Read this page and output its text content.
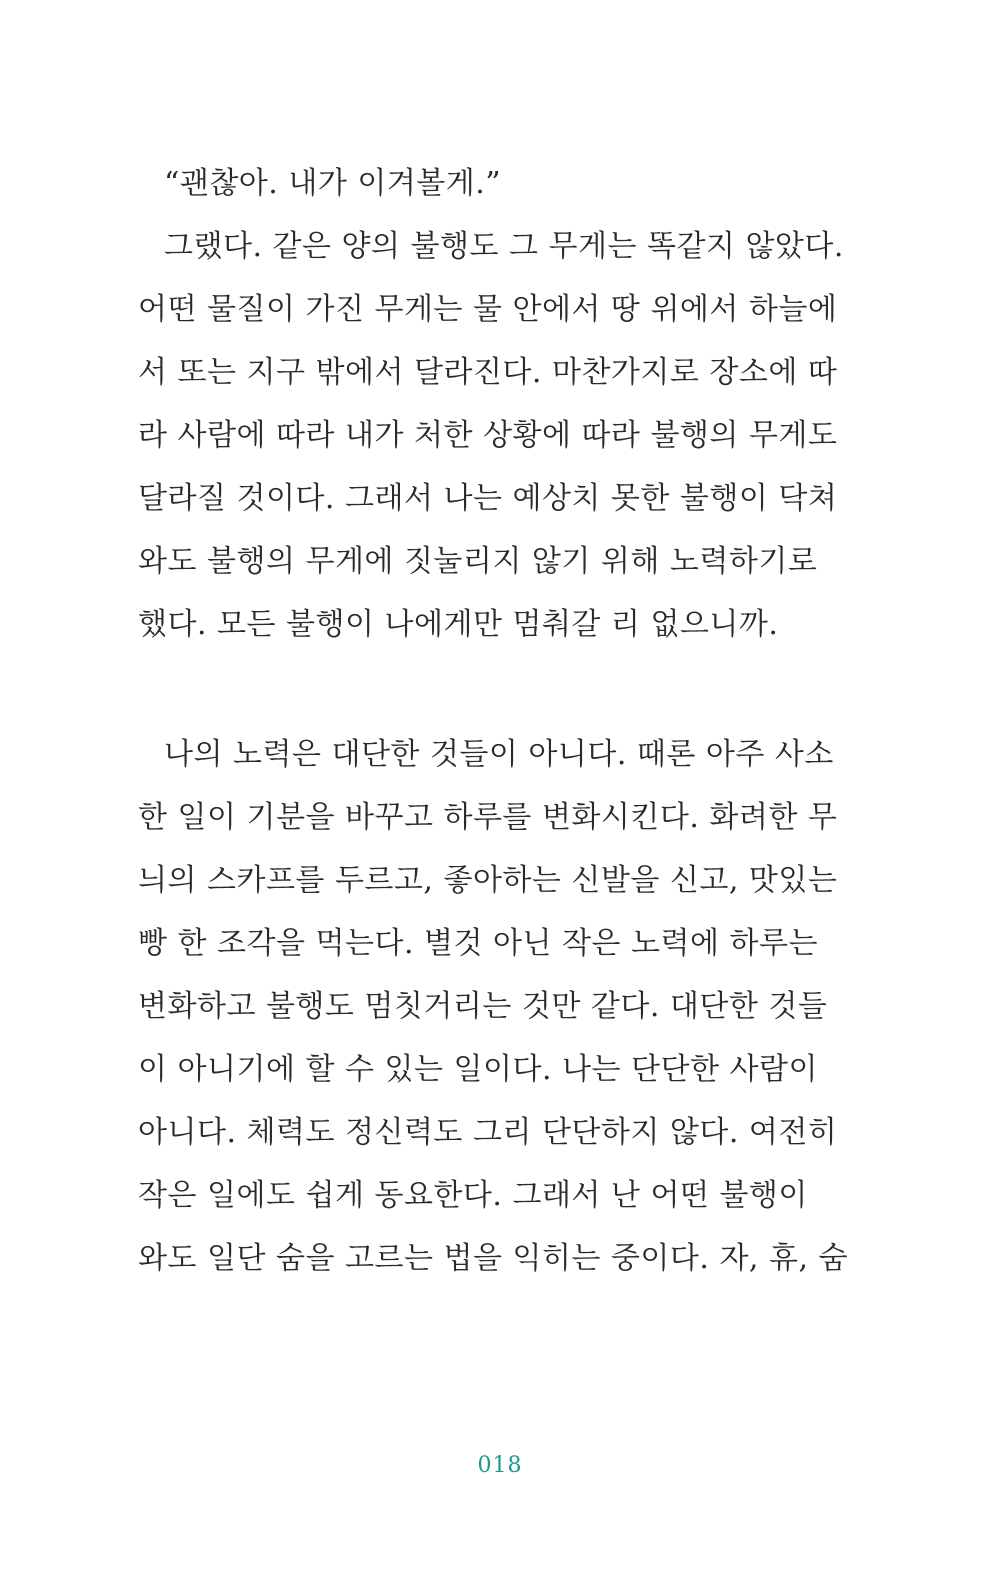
“괜찮아. 내가 이겨볼게.”
그랬다. 같은 양의 불행도 그 무게는 똑같지 않았다.
어떤 물질이 가진 무게는 물 안에서 땅 위에서 하늘에
서 또는 지구 밖에서 달라진다. 마찬가지로 장소에 따
라 사람에 따라 내가 처한 상황에 따라 불행의 무게도
달라질 것이다. 그래서 나는 예상치 못한 불행이 닥쳐
와도 불행의 무게에 짓눌리지 않기 위해 노력하기로
했다. 모든 불행이 나에게만 멈춰갈 리 없으니까.
나의 노력은 대단한 것들이 아니다. 때론 아주 사소
한 일이 기분을 바꾸고 하루를 변화시킨다. 화려한 무
늬의 스카프를 두르고, 좋아하는 신발을 신고, 맛있는
빵 한 조각을 먹는다. 별것 아닌 작은 노력에 하루는
변화하고 불행도 멈칫거리는 것만 같다. 대단한 것들
이 아니기에 할 수 있는 일이다. 나는 단단한 사람이
아니다. 체력도 정신력도 그리 단단하지 않다. 여전히
작은 일에도 쉽게 동요한다. 그래서 난 어떤 불행이
와도 일단 숨을 고르는 법을 익히는 중이다. 자, 휴, 숨
018
